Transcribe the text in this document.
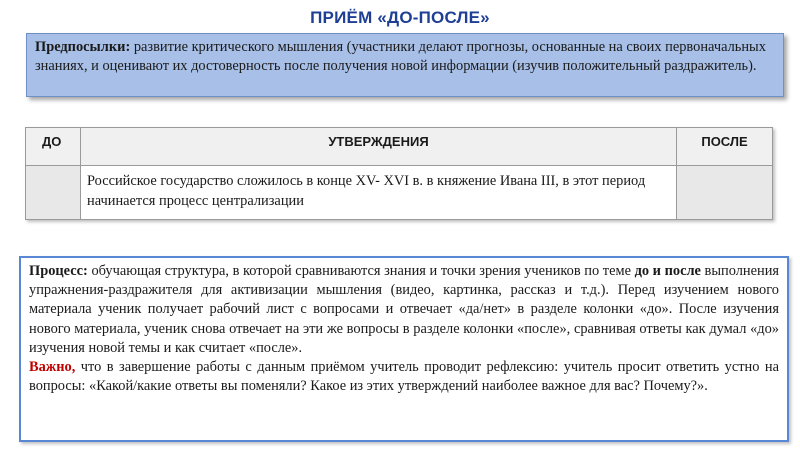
ПРИЁМ «ДО-ПОСЛЕ»
Предпосылки: развитие критического мышления (участники делают прогнозы, основанные на своих первоначальных знаниях, и оценивают их достоверность после получения новой информации (изучив положительный раздражитель).
ДО	УТВЕРЖДЕНИЯ	ПОСЛЕ
	Российское государство сложилось в конце XV- XVI в. в княжение Ивана III, в этот период начинается процесс централизации	
Процесс: обучающая структура, в которой сравниваются знания и точки зрения учеников по теме до и после выполнения упражнения-раздражителя для активизации мышления (видео, картинка, рассказ и т.д.). Перед изучением нового материала ученик получает рабочий лист с вопросами и отвечает «да/нет» в разделе колонки «до». После изучения нового материала, ученик снова отвечает на эти же вопросы в разделе колонки «после», сравнивая ответы как думал «до» изучения новой темы и как считает «после».
Важно, что в завершение работы с данным приёмом учитель проводит рефлексию: учитель просит ответить устно на вопросы: «Какой/какие ответы вы поменяли? Какое из этих утверждений наиболее важное для вас? Почему?».
